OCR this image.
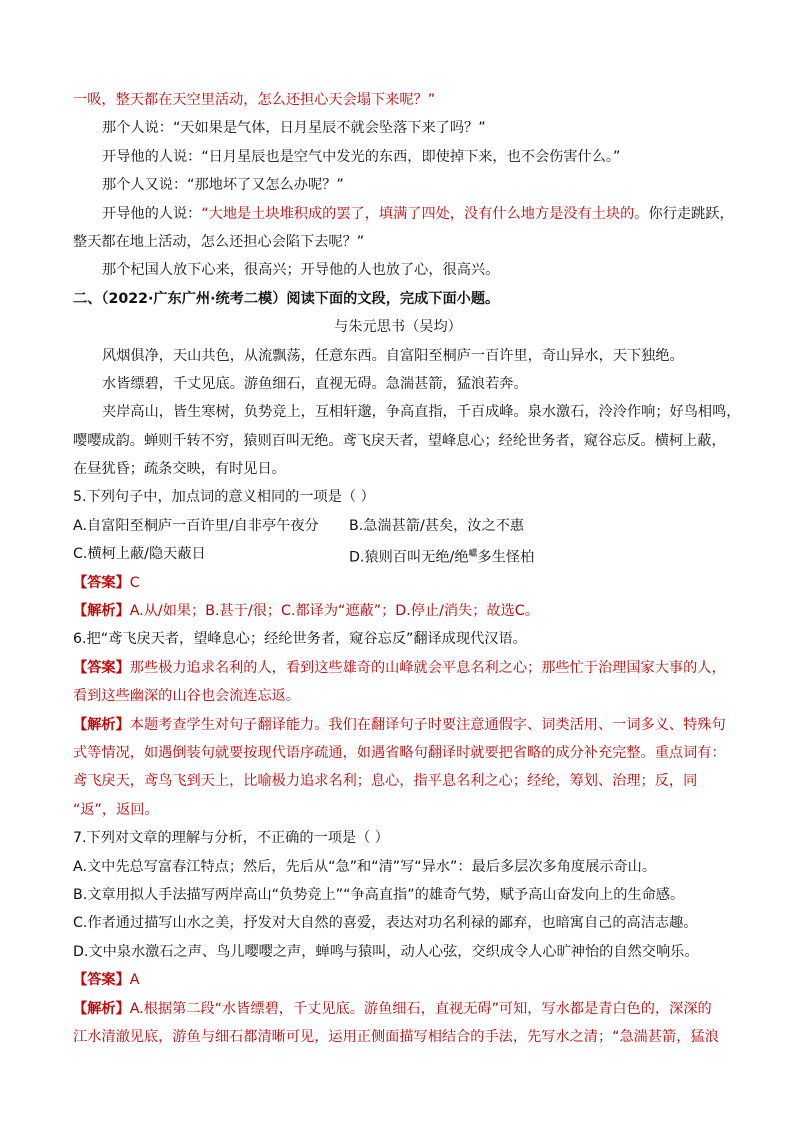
一吸，整天都在天空里活动，怎么还担心天会塌下来呢？”
那个人说：“天如果是气体，日月星辰不就会坠落下来了吗？”
开导他的人说：“日月星辰也是空气中发光的东西，即使掉下来，也不会伤害什么。”
那个人又说：“那地坏了又怎么办呢？”
开导他的人说：“大地是土块堆积成的罢了，填满了四处，没有什么地方是没有土块的。你行走跳跃，
整天都在地上活动，怎么还担心会陷下去呢？”
那个杞国人放下心来，很高兴；开导他的人也放了心，很高兴。
二、（2022·广东广州·统考二模）阅读下面的文段，完成下面小题。
与朱元思书（吴均）
风烟俱净，天山共色，从流飘荡，任意东西。自富阳至桐庐一百许里，奇山异水，天下独绝。
水皆缥碧，千丈见底。游鱼细石，直视无碍。急湍甚箭，猛浪若奔。
夹岸高山，皆生寒树，负势竞上，互相轩邈，争高直指，千百成峰。泉水激石，泠泠作响；好鸟相鸣，
嘤嘤成韵。蝉则千转不穷，猿则百叫无绝。鸢飞戾天者，望峰息心；经纶世务者，窥谷忘反。横柯上蔽，
在昼犹昏；疏条交映，有时见日。
5.下列句子中，加点词的意义相同的一项是（ ）
A.自富阳至桐庐一百许里/自非亭午夜分	B.急湍甚箭/甚矣，汝之不惠
C.横柯上蔽/隐天蔽日	D.猿则百叫无绝/绝$^巘$多生怪柏
【答案】C
【解析】A.从/如果；B.甚于/很；C.都译为“遮蔽”；D.停止/消失；故选C。
6.把“鸢飞戾天者，望峰息心；经纶世务者，窥谷忘反”翻译成现代汉语。
【答案】那些极力追求名利的人，看到这些雄奇的山峰就会平息名利之心；那些忙于治理国家大事的人，
看到这些幽深的山谷也会流连忘返。
【解析】本题考查学生对句子翻译能力。我们在翻译句子时要注意通假字、词类活用、一词多义、特殊句
式等情况，如遇倒装句就要按现代语序疏通，如遇省略句翻译时就要把省略的成分补充完整。重点词有：
鸢飞戾天，鸢鸟飞到天上，比喻极力追求名利；息心，指平息名利之心；经纶，筹划、治理；反，同
“返”，返回。
7.下列对文章的理解与分析，不正确的一项是（ ）
A.文中先总写富春江特点；然后，先后从“急”和“清”写“异水”：最后多层次多角度展示奇山。
B.文章用拟人手法描写两岸高山“负势竞上”“争高直指”的雄奇气势，赋予高山奋发向上的生命感。
C.作者通过描写山水之美，抒发对大自然的喜爱，表达对功名利禄的鄙弃，也暗寓自己的高洁志趣。
D.文中泉水激石之声、鸟儿嘤嘤之声，蝉鸣与猿叫，动人心弦，交织成令人心旷神怡的自然交响乐。
【答案】A
【解析】A.根据第二段“水皆缥碧，千丈见底。游鱼细石，直视无碍”可知，写水都是青白色的，深深的
江水清澈见底，游鱼与细石都清晰可见，运用正侧面描写相结合的手法，先写水之清；“急湍甚箭，猛浪
